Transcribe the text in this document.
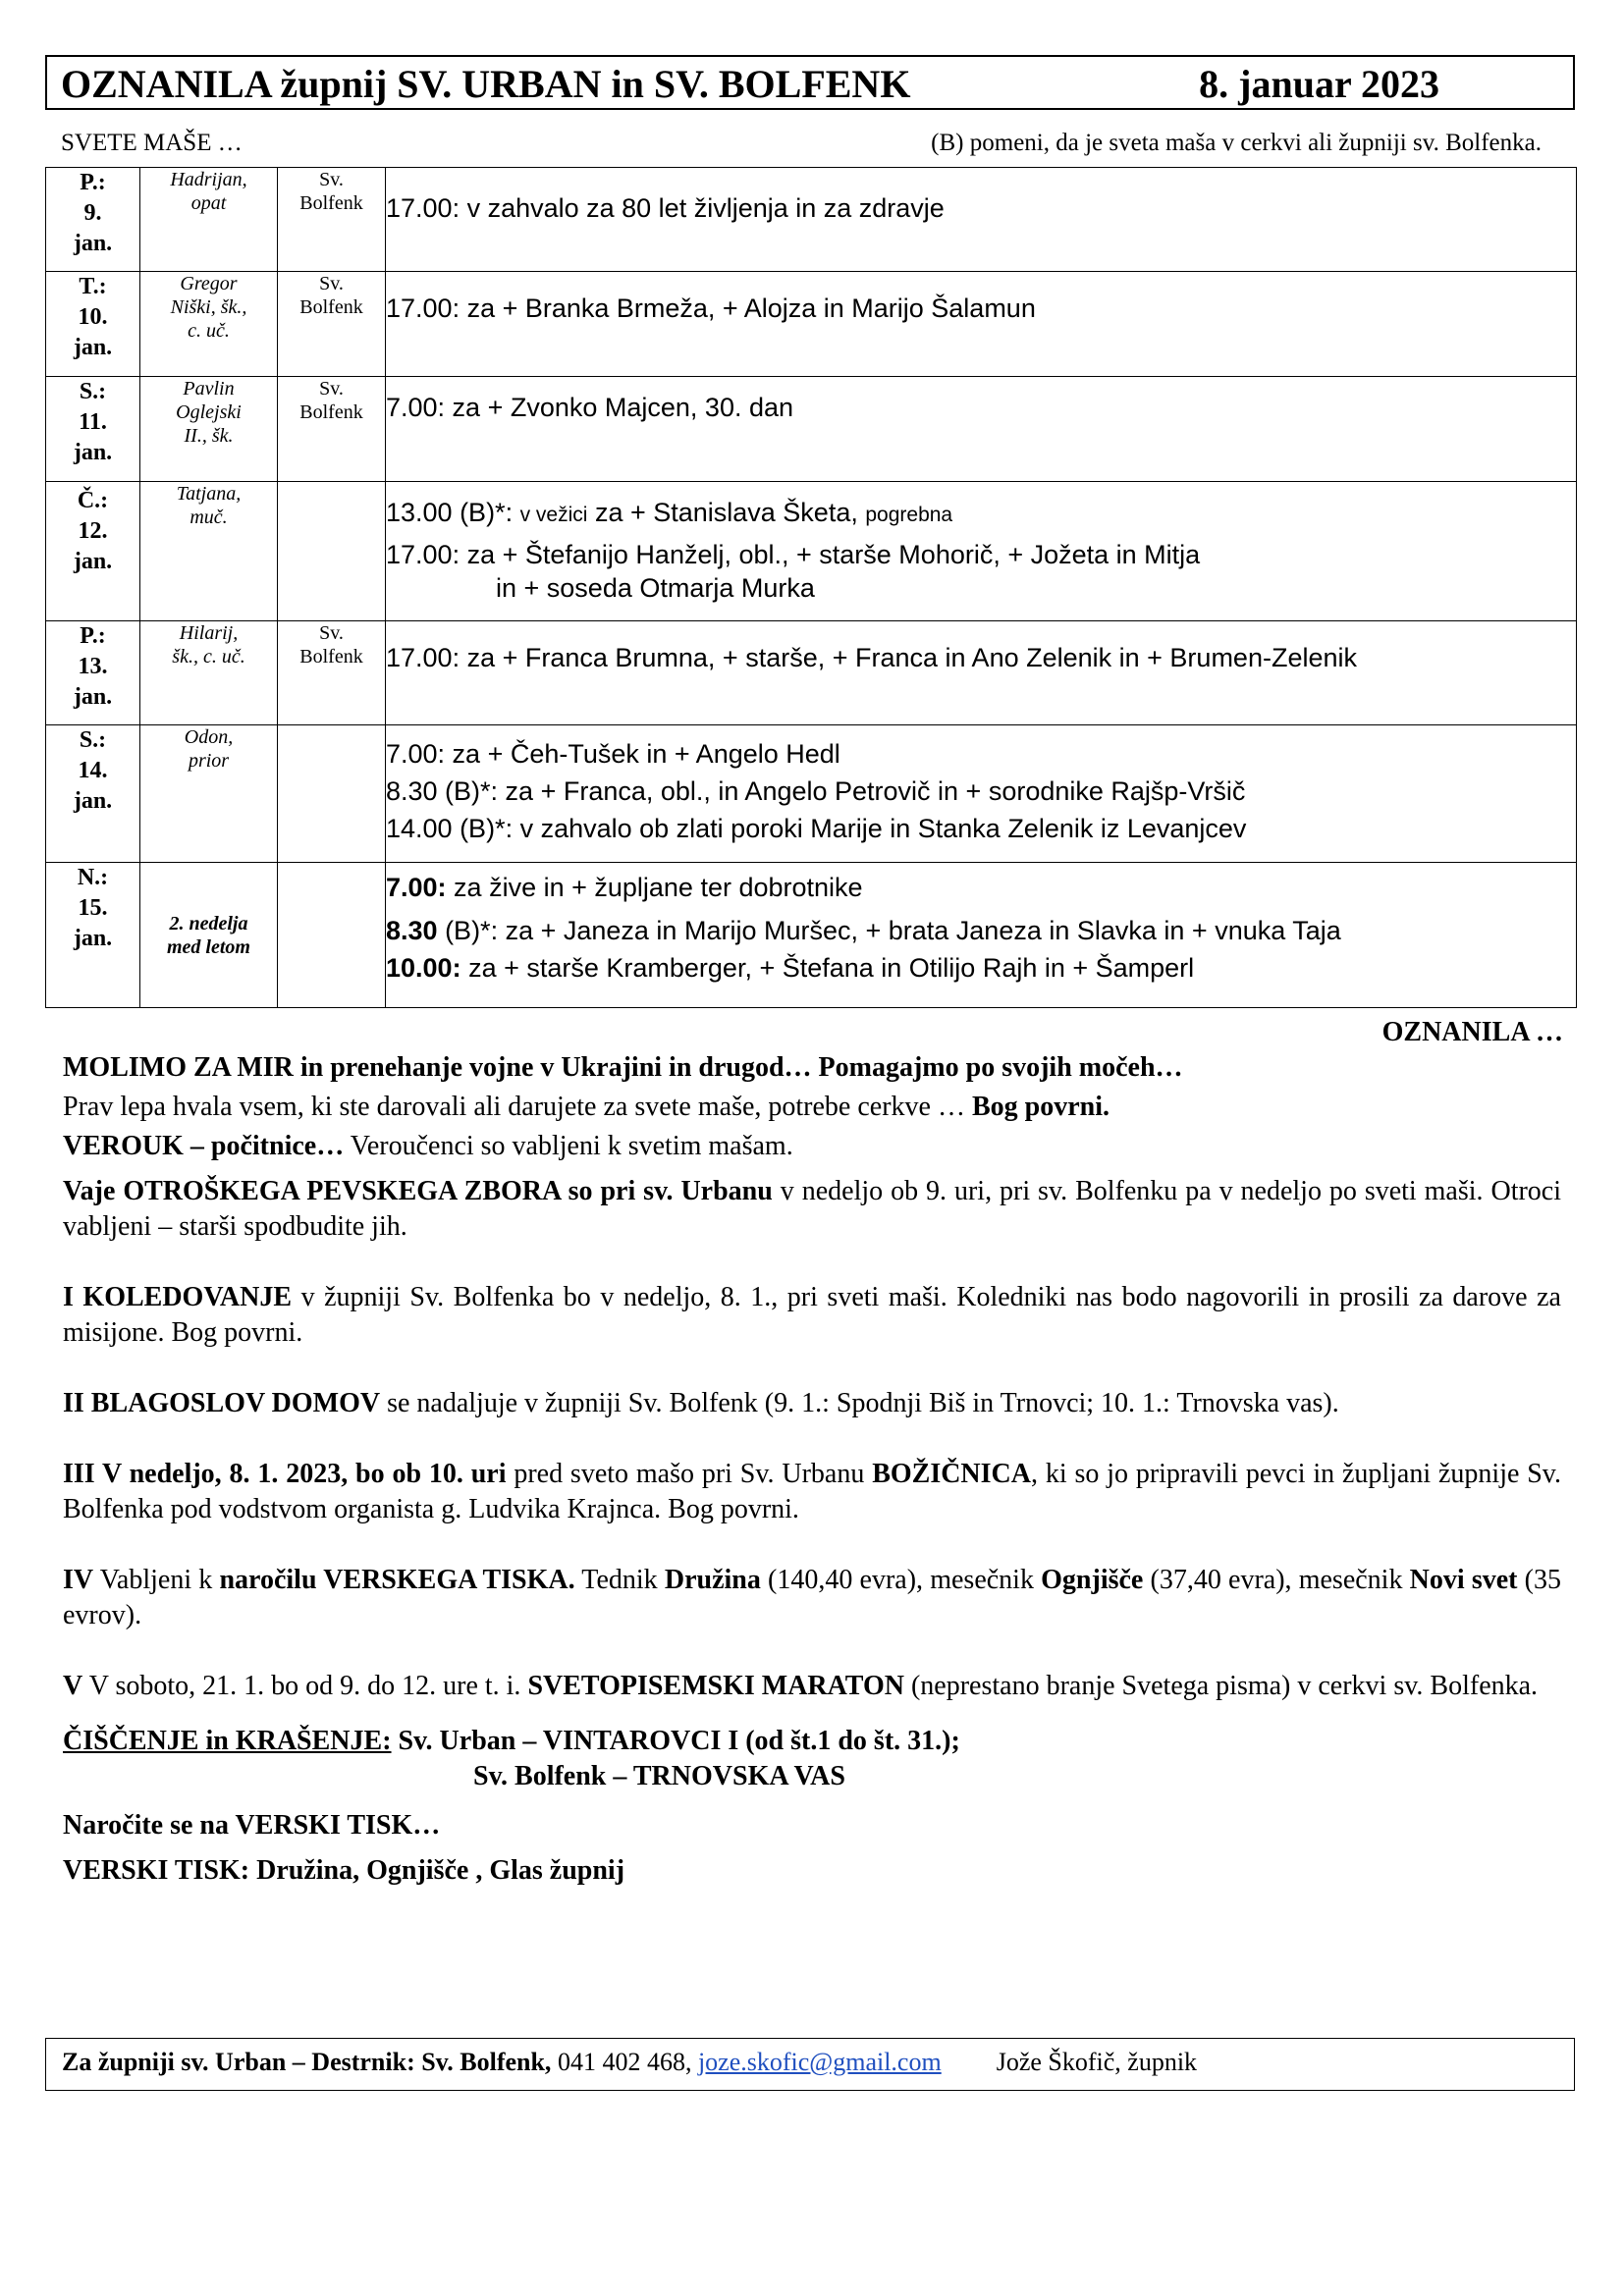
OZNANILA župnij SV. URBAN in SV. BOLFENK	8. januar 2023
SVETE MAŠE …	(B) pomeni, da je sveta maša v cerkvi ali župniji sv. Bolfenka.
P.:
9.
jan.	Hadrijan,
opat	Sv.
Bolfenk	17.00: v zahvalo za 80 let življenja in za zdravje

T.:
10.
jan.	Gregor
Niški, šk.,
c. uč.	Sv.
Bolfenk	17.00: za + Branka Brmeža, + Alojza in Marijo Šalamun

S.:
11.
jan.	Pavlin
Oglejski
II., šk.	Sv.
Bolfenk	7.00: za + Zvonko Majcen, 30. dan

Č.:
12.
jan.	Tatjana,
muč.		13.00 (B)*: v vežici za + Stanislava Šketa, pogrebna
17.00: za + Štefanijo Hanželj, obl., + starše Mohorič, + Jožeta in Mitja
in + soseda Otmarja Murka

P.:
13.
jan.	Hilarij,
šk., c. uč.	Sv.
Bolfenk	17.00: za + Franca Brumna, + starše, + Franca in Ano Zelenik in + Brumen-Zelenik

S.:
14.
jan.	Odon,
prior		7.00: za + Čeh-Tušek in + Angelo Hedl
8.30 (B)*: za + Franca, obl., in Angelo Petrovič in + sorodnike Rajšp-Vršič
14.00 (B)*: v zahvalo ob zlati poroki Marije in Stanka Zelenik iz Levanjcev

N.:
15.
jan.	2. nedelja
med letom		7.00: za žive in + župljane ter dobrotnike
8.30 (B)*: za + Janeza in Marijo Muršec, + brata Janeza in Slavka in + vnuka Taja
10.00: za + starše Kramberger, + Štefana in Otilijo Rajh in + Šamperl
OZNANILA …

MOLIMO ZA MIR in prenehanje vojne v Ukrajini in drugod… Pomagajmo po svojih močeh…

Prav lepa hvala vsem, ki ste darovali ali darujete za svete maše, potrebe cerkve … Bog povrni.

VEROUK – počitnice… Veroučenci so vabljeni k svetim mašam.

Vaje OTROŠKEGA PEVSKEGA ZBORA so pri sv. Urbanu v nedeljo ob 9. uri, pri sv. Bolfenku pa v nedeljo po sveti maši. Otroci vabljeni – starši spodbudite jih.

I KOLEDOVANJE v župniji Sv. Bolfenka bo v nedeljo, 8. 1., pri sveti maši. Koledniki nas bodo nagovorili in prosili za darove za misijone. Bog povrni.

II BLAGOSLOV DOMOV se nadaljuje v župniji Sv. Bolfenk (9. 1.: Spodnji Biš in Trnovci; 10. 1.: Trnovska vas).

III V nedeljo, 8. 1. 2023, bo ob 10. uri pred sveto mašo pri Sv. Urbanu BOŽIČNICA, ki so jo pripravili pevci in župljani župnije Sv. Bolfenka pod vodstvom organista g. Ludvika Krajnca. Bog povrni.

IV Vabljeni k naročilu VERSKEGA TISKA. Tednik Družina (140,40 evra), mesečnik Ognjišče (37,40 evra), mesečnik Novi svet (35 evrov).

V V soboto, 21. 1. bo od 9. do 12. ure t. i. SVETOPISEMSKI MARATON (neprestano branje Svetega pisma) v cerkvi sv. Bolfenka.

ČIŠČENJE in KRAŠENJE: Sv. Urban – VINTAROVCI I (od št.1 do št. 31.);

Sv. Bolfenk – TRNOVSKA VAS

Naročite se na VERSKI TISK…

VERSKI TISK: Družina, Ognjišče , Glas župnij

Za župniji sv. Urban – Destrnik: Sv. Bolfenk, 041 402 468, joze.skofic@gmail.com Jože Škofič, župnik
